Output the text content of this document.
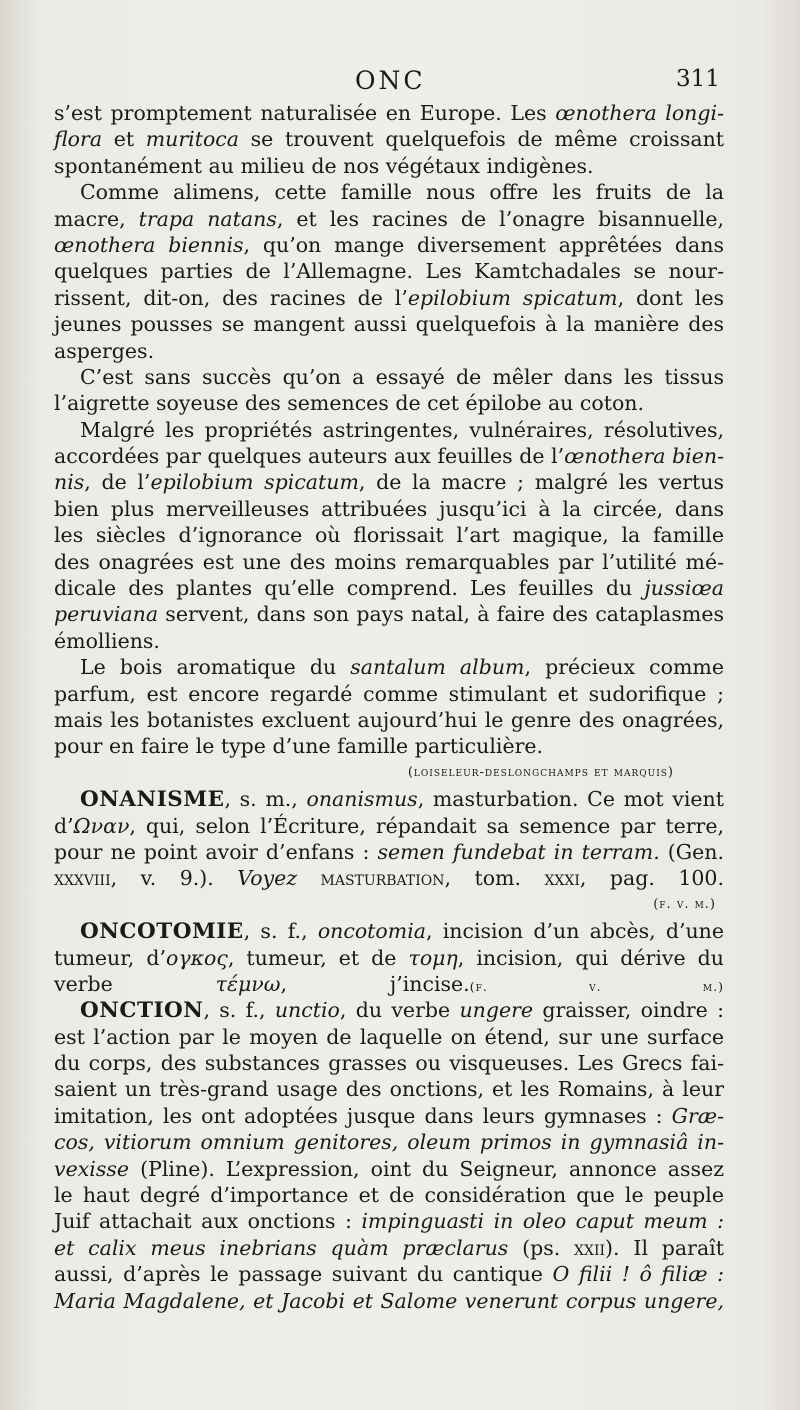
ONC	311
s’est promptement naturalisée en Europe. Les œnothera longi-
flora et muritoca se trouvent quelquefois de même croissant
spontanément au milieu de nos végétaux indigènes.
Comme alimens, cette famille nous offre les fruits de la
macre, trapa natans, et les racines de l’onagre bisannuelle,
œnothera biennis, qu’on mange diversement apprêtées dans
quelques parties de l’Allemagne. Les Kamtchadales se nour-
rissent, dit-on, des racines de l’epilobium spicatum, dont les
jeunes pousses se mangent aussi quelquefois à la manière des
asperges.
C’est sans succès qu’on a essayé de mêler dans les tissus
l’aigrette soyeuse des semences de cet épilobe au coton.
Malgré les propriétés astringentes, vulnéraires, résolutives,
accordées par quelques auteurs aux feuilles de l’œnothera bien-
nis, de l’epilobium spicatum, de la macre ; malgré les vertus
bien plus merveilleuses attribuées jusqu’ici à la circée, dans
les siècles d’ignorance où florissait l’art magique, la famille
des onagrées est une des moins remarquables par l’utilité mé-
dicale des plantes qu’elle comprend. Les feuilles du jussiœa
peruviana servent, dans son pays natal, à faire des cataplasmes
émolliens.
Le bois aromatique du santalum album, précieux comme
parfum, est encore regardé comme stimulant et sudorifique ;
mais les botanistes excluent aujourd’hui le genre des onagrées,
pour en faire le type d’une famille particulière.
(loiseleur-deslongchamps et marquis)
ONANISME, s. m., onanismus, masturbation. Ce mot vient
d’Ωναν, qui, selon l’Écriture, répandait sa semence par terre,
pour ne point avoir d’enfans : semen fundebat in terram. (Gen.
xxxviii, v. 9.). Voyez masturbation, tom. xxxi, pag. 100.
(f. v. m.)
ONCOTOMIE, s. f., oncotomia, incision d’un abcès, d’une
tumeur, d’ογκος, tumeur, et de τομη, incision, qui dérive du
verbe τέμνω, j’incise.(f. v. m.)
ONCTION, s. f., unctio, du verbe ungere graisser, oindre :
est l’action par le moyen de laquelle on étend, sur une surface
du corps, des substances grasses ou visqueuses. Les Grecs fai-
saient un très-grand usage des onctions, et les Romains, à leur
imitation, les ont adoptées jusque dans leurs gymnases : Græ-
cos, vitiorum omnium genitores, oleum primos in gymnasiâ in-
vexisse (Pline). L’expression, oint du Seigneur, annonce assez
le haut degré d’importance et de considération que le peuple
Juif attachait aux onctions : impinguasti in oleo caput meum :
et calix meus inebrians quàm præclarus (ps. xxii). Il paraît
aussi, d’après le passage suivant du cantique O filii ! ô filiæ :
Maria Magdalene, et Jacobi et Salome venerunt corpus ungere,
